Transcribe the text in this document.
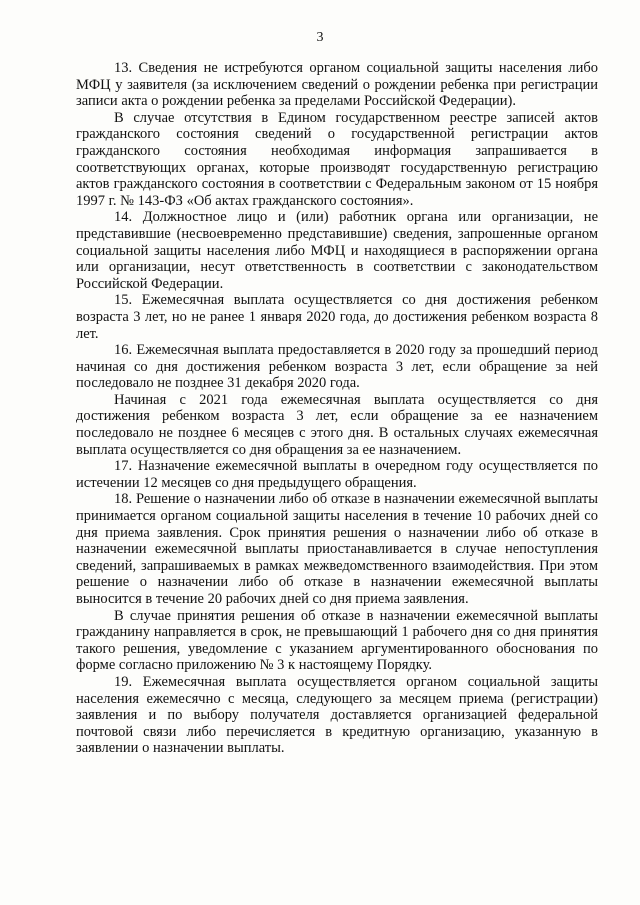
3

13. Сведения не истребуются органом социальной защиты населения либо МФЦ у заявителя (за исключением сведений о рождении ребенка при регистрации записи акта о рождении ребенка за пределами Российской Федерации).

В случае отсутствия в Едином государственном реестре записей актов гражданского состояния сведений о государственной регистрации актов гражданского состояния необходимая информация запрашивается в соответствующих органах, которые производят государственную регистрацию актов гражданского состояния в соответствии с Федеральным законом от 15 ноября 1997 г. № 143-ФЗ «Об актах гражданского состояния».

14. Должностное лицо и (или) работник органа или организации, не представившие (несвоевременно представившие) сведения, запрошенные органом социальной защиты населения либо МФЦ и находящиеся в распоряжении органа или организации, несут ответственность в соответствии с законодательством Российской Федерации.

15. Ежемесячная выплата осуществляется со дня достижения ребенком возраста 3 лет, но не ранее 1 января 2020 года, до достижения ребенком возраста 8 лет.

16. Ежемесячная выплата предоставляется в 2020 году за прошедший период начиная со дня достижения ребенком возраста 3 лет, если обращение за ней последовало не позднее 31 декабря 2020 года.

Начиная с 2021 года ежемесячная выплата осуществляется со дня достижения ребенком возраста 3 лет, если обращение за ее назначением последовало не позднее 6 месяцев с этого дня. В остальных случаях ежемесячная выплата осуществляется со дня обращения за ее назначением.

17. Назначение ежемесячной выплаты в очередном году осуществляется по истечении 12 месяцев со дня предыдущего обращения.

18. Решение о назначении либо об отказе в назначении ежемесячной выплаты принимается органом социальной защиты населения в течение 10 рабочих дней со дня приема заявления. Срок принятия решения о назначении либо об отказе в назначении ежемесячной выплаты приостанавливается в случае непоступления сведений, запрашиваемых в рамках межведомственного взаимодействия. При этом решение о назначении либо об отказе в назначении ежемесячной выплаты выносится в течение 20 рабочих дней со дня приема заявления.

В случае принятия решения об отказе в назначении ежемесячной выплаты гражданину направляется в срок, не превышающий 1 рабочего дня со дня принятия такого решения, уведомление с указанием аргументированного обоснования по форме согласно приложению № 3 к настоящему Порядку.

19. Ежемесячная выплата осуществляется органом социальной защиты населения ежемесячно с месяца, следующего за месяцем приема (регистрации) заявления и по выбору получателя доставляется организацией федеральной почтовой связи либо перечисляется в кредитную организацию, указанную в заявлении о назначении выплаты.
